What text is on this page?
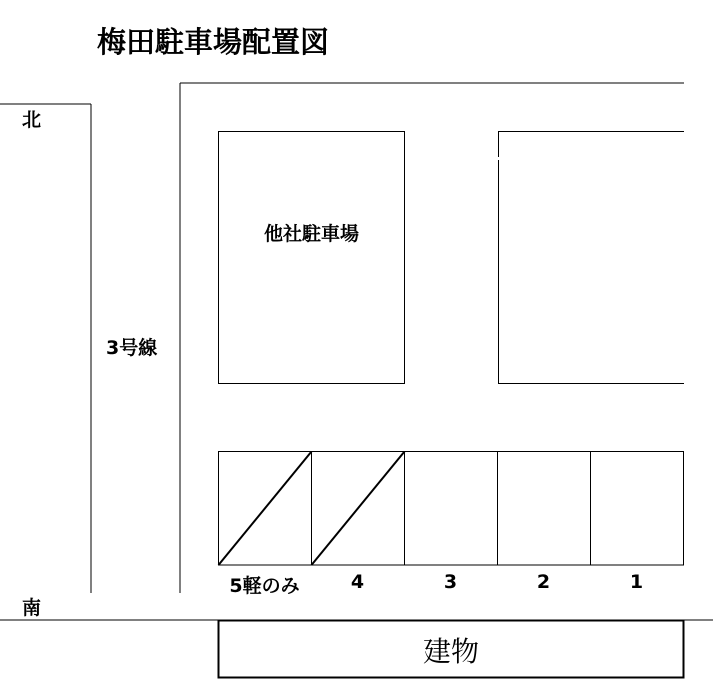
梅田駐車場配置図
北
南
3号線
他社駐車場
建物
5軽のみ	4	3	2	1
